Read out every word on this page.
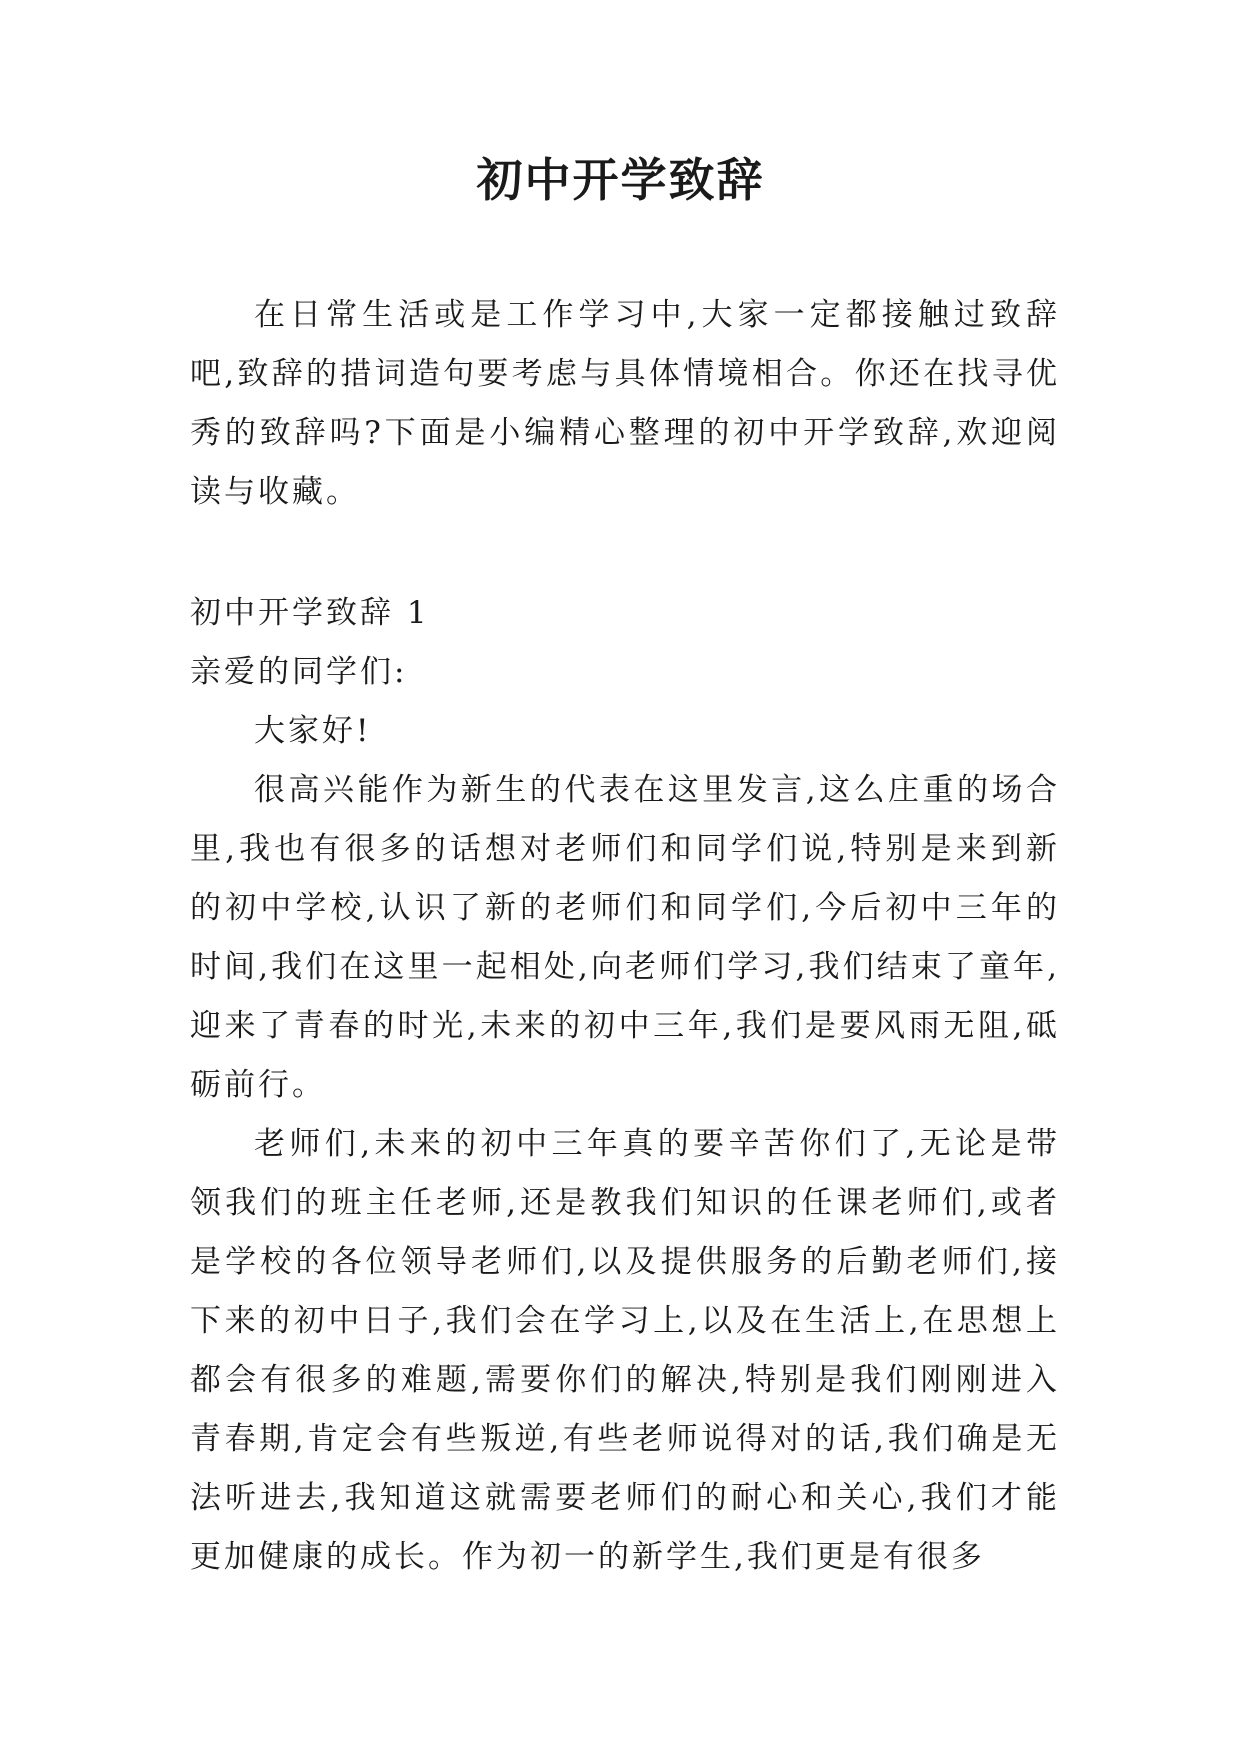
初中开学致辞

在日常生活或是工作学习中,大家一定都接触过致辞吧,致辞的措词造句要考虑与具体情境相合。你还在找寻优秀的致辞吗?下面是小编精心整理的初中开学致辞,欢迎阅读与收藏。

初中开学致辞 1

亲爱的同学们:

大家好!

很高兴能作为新生的代表在这里发言,这么庄重的场合里,我也有很多的话想对老师们和同学们说,特别是来到新的初中学校,认识了新的老师们和同学们,今后初中三年的时间,我们在这里一起相处,向老师们学习,我们结束了童年,迎来了青春的时光,未来的初中三年,我们是要风雨无阻,砥砺前行。

老师们,未来的初中三年真的要辛苦你们了,无论是带领我们的班主任老师,还是教我们知识的任课老师们,或者是学校的各位领导老师们,以及提供服务的后勤老师们,接下来的初中日子,我们会在学习上,以及在生活上,在思想上都会有很多的难题,需要你们的解决,特别是我们刚刚进入青春期,肯定会有些叛逆,有些老师说得对的话,我们确是无法听进去,我知道这就需要老师们的耐心和关心,我们才能更加健康的成长。作为初一的新学生,我们更是有很多
